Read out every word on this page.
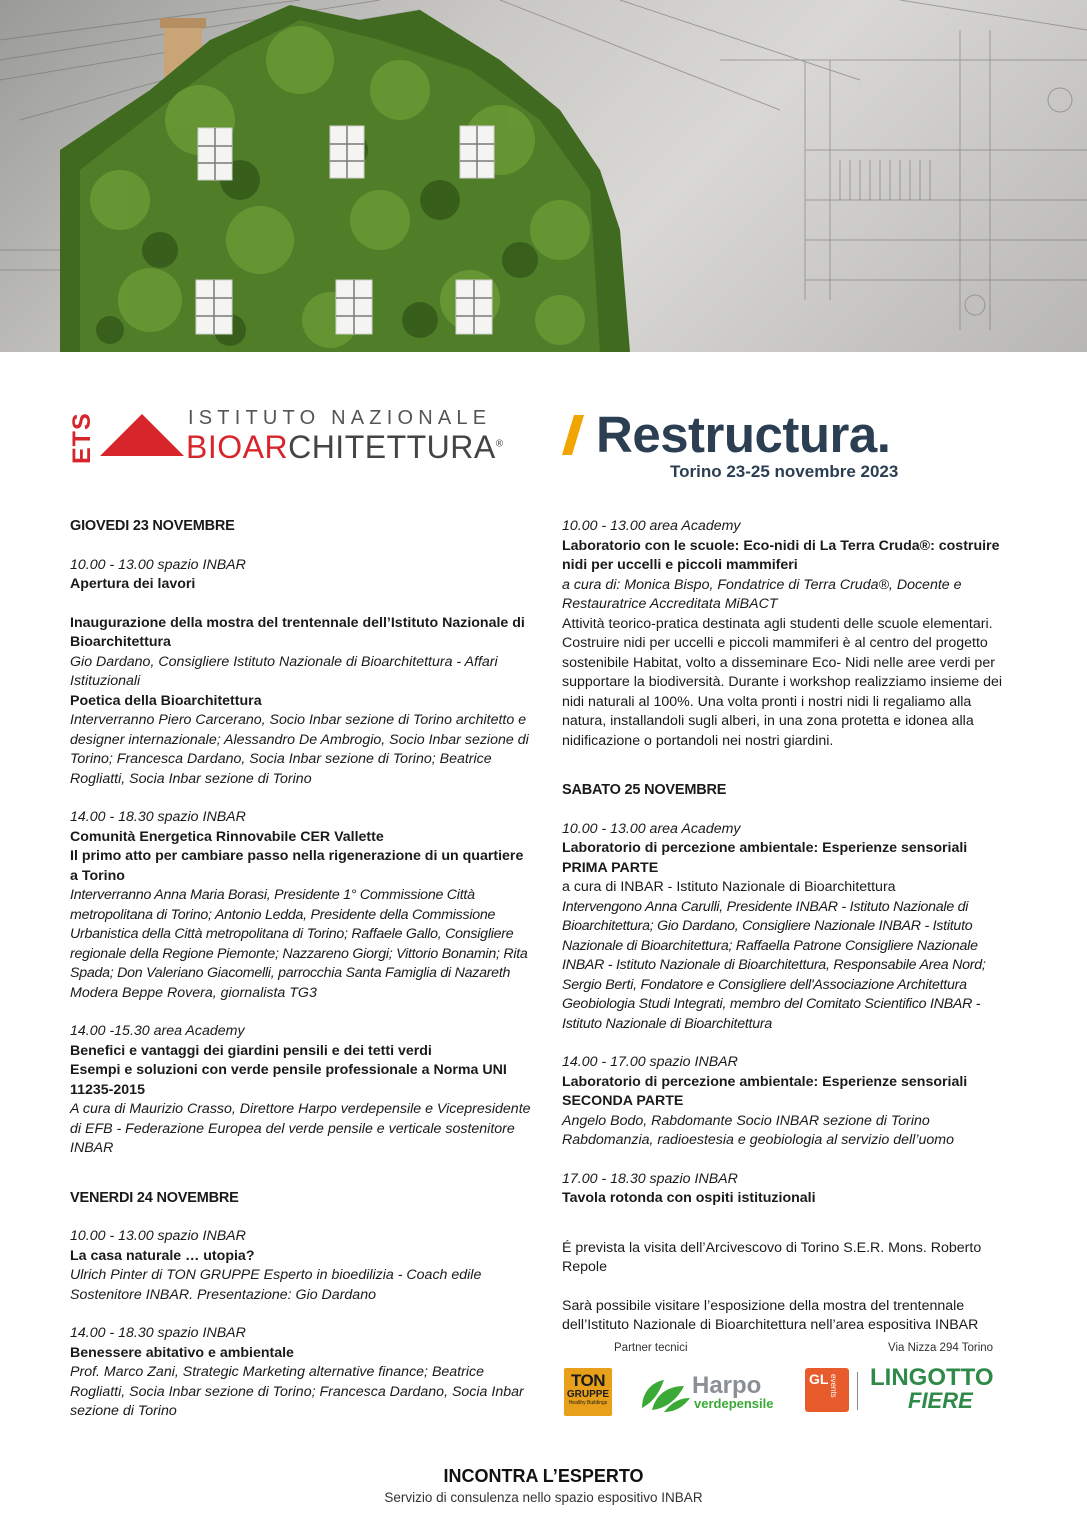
ETS	ISTITUTO NAZIONALE
BIOARCHITETTURA® Restructura.
Torino 23-25 novembre 2023

GIOVEDI 23 NOVEMBRE

10.00 - 13.00 spazio INBAR

Apertura dei lavori

Inaugurazione della mostra del trentennale dell’Istituto Nazionale di Bioarchitettura

Gio Dardano, Consigliere Istituto Nazionale di Bioarchitettura - Affari Istituzionali

Poetica della Bioarchitettura

Interverranno Piero Carcerano, Socio Inbar sezione di Torino architetto e designer internazionale; Alessandro De Ambrogio, Socio Inbar sezione di Torino; Francesca Dardano, Socia Inbar sezione di Torino; Beatrice Rogliatti, Socia Inbar sezione di Torino

14.00 - 18.30 spazio INBAR

Comunità Energetica Rinnovabile CER Vallette

Il primo atto per cambiare passo nella rigenerazione di un quartiere a Torino

Interverranno Anna Maria Borasi, Presidente 1° Commissione Città metropolitana di Torino; Antonio Ledda, Presidente della Commissione Urbanistica della Città metropolitana di Torino; Raffaele Gallo, Consigliere regionale della Regione Piemonte; Nazzareno Giorgi; Vittorio Bonamin; Rita Spada; Don Valeriano Giacomelli, parrocchia Santa Famiglia di Nazareth

Modera Beppe Rovera, giornalista TG3

14.00 -15.30 area Academy

Benefici e vantaggi dei giardini pensili e dei tetti verdi

Esempi e soluzioni con verde pensile professionale a Norma UNI 11235-2015

A cura di Maurizio Crasso, Direttore Harpo verdepensile e Vicepresidente di EFB - Federazione Europea del verde pensile e verticale sostenitore INBAR

VENERDI 24 NOVEMBRE

10.00 - 13.00 spazio INBAR

La casa naturale … utopia?

Ulrich Pinter di TON GRUPPE Esperto in bioedilizia - Coach edile Sostenitore INBAR. Presentazione: Gio Dardano

14.00 - 18.30 spazio INBAR

Benessere abitativo e ambientale

Prof. Marco Zani, Strategic Marketing alternative finance; Beatrice Rogliatti, Socia Inbar sezione di Torino; Francesca Dardano, Socia Inbar sezione di Torino

10.00 - 13.00 area Academy

Laboratorio con le scuole: Eco-nidi di La Terra Cruda®: costruire nidi per uccelli e piccoli mammiferi

a cura di: Monica Bispo, Fondatrice di Terra Cruda®, Docente e Restauratrice Accreditata MiBACT

Attività teorico-pratica destinata agli studenti delle scuole elementari. Costruire nidi per uccelli e piccoli mammiferi è al centro del progetto sostenibile Habitat, volto a disseminare Eco- Nidi nelle aree verdi per supportare la biodiversità. Durante i workshop realizziamo insieme dei nidi naturali al 100%. Una volta pronti i nostri nidi li regaliamo alla natura, installandoli sugli alberi, in una zona protetta e idonea alla nidificazione o portandoli nei nostri giardini.

SABATO 25 NOVEMBRE

10.00 - 13.00 area Academy

Laboratorio di percezione ambientale: Esperienze sensoriali PRIMA PARTE

a cura di INBAR - Istituto Nazionale di Bioarchitettura

Intervengono Anna Carulli, Presidente INBAR - Istituto Nazionale di Bioarchitettura; Gio Dardano, Consigliere Nazionale INBAR - Istituto Nazionale di Bioarchitettura; Raffaella Patrone Consigliere Nazionale INBAR - Istituto Nazionale di Bioarchitettura, Responsabile Area Nord; Sergio Berti, Fondatore e Consigliere dell'Associazione Architettura Geobiologia Studi Integrati, membro del Comitato Scientifico INBAR - Istituto Nazionale di Bioarchitettura

14.00 - 17.00 spazio INBAR

Laboratorio di percezione ambientale: Esperienze sensoriali SECONDA PARTE

Angelo Bodo, Rabdomante Socio INBAR sezione di Torino

Rabdomanzia, radioestesia e geobiologia al servizio dell’uomo

17.00 - 18.30 spazio INBAR

Tavola rotonda con ospiti istituzionali

É prevista la visita dell’Arcivescovo di Torino S.E.R. Mons. Roberto Repole

Sarà possibile visitare l’esposizione della mostra del trentennale dell’Istituto Nazionale di Bioarchitettura nell’area espositiva INBAR

Partner tecnici	Via Nizza 294 Torino
TON
GRUPPE
Healthy Buildings
Harpo
verdepensile
GL events LINGOTTO
FIERE
INCONTRA L’ESPERTO
Servizio di consulenza nello spazio espositivo INBAR
